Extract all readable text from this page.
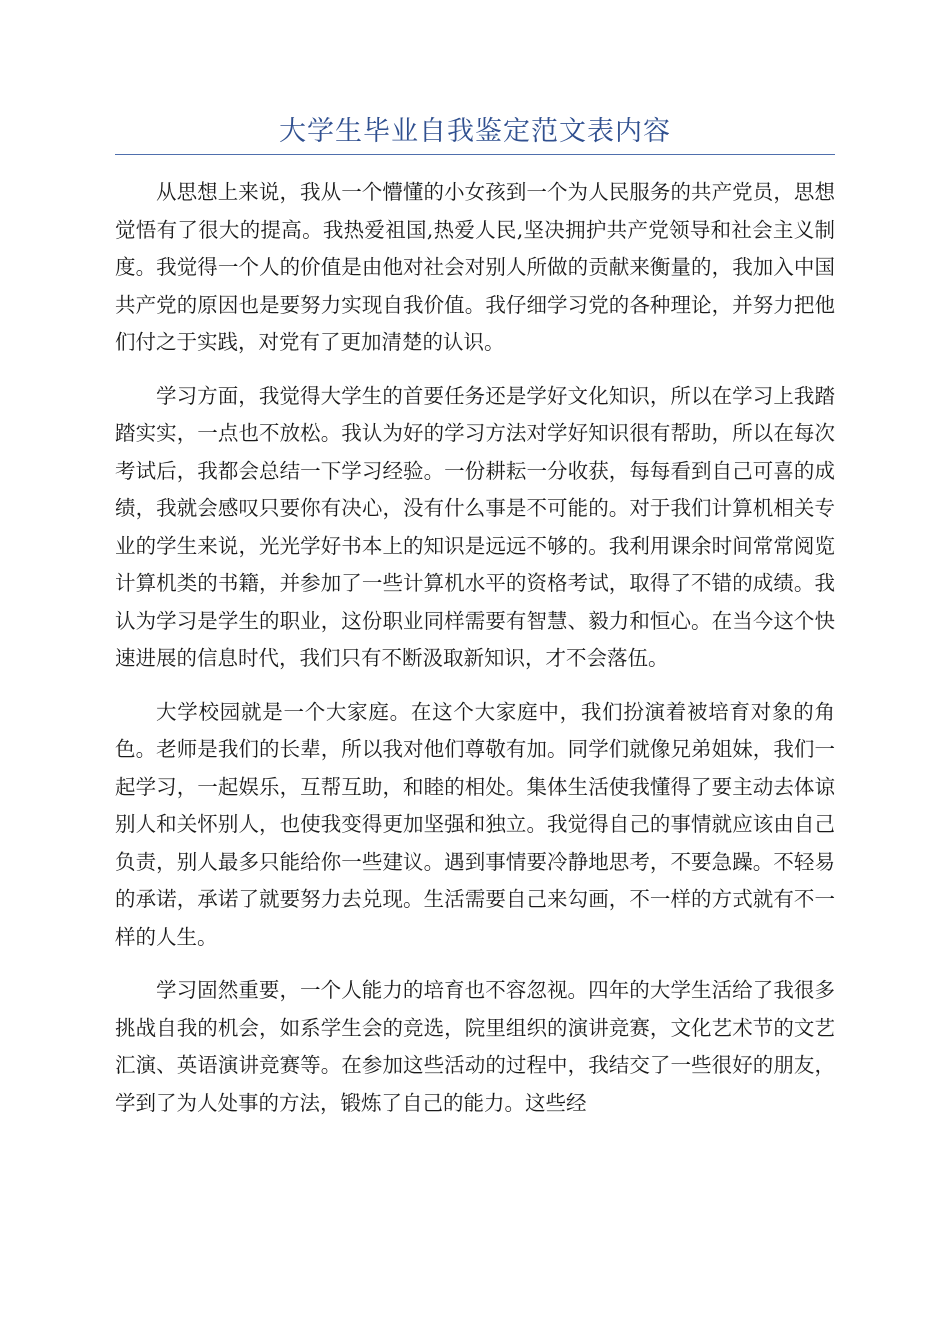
大学生毕业自我鉴定范文表内容

从思想上来说，我从一个懵懂的小女孩到一个为人民服务的共产党员，思想觉悟有了很大的提高。我热爱祖国,热爱人民,坚决拥护共产党领导和社会主义制度。我觉得一个人的价值是由他对社会对别人所做的贡献来衡量的，我加入中国共产党的原因也是要努力实现自我价值。我仔细学习党的各种理论，并努力把他们付之于实践，对党有了更加清楚的认识。

学习方面，我觉得大学生的首要任务还是学好文化知识，所以在学习上我踏踏实实，一点也不放松。我认为好的学习方法对学好知识很有帮助，所以在每次考试后，我都会总结一下学习经验。一份耕耘一分收获，每每看到自己可喜的成绩，我就会感叹只要你有决心，没有什么事是不可能的。对于我们计算机相关专业的学生来说，光光学好书本上的知识是远远不够的。我利用课余时间常常阅览计算机类的书籍，并参加了一些计算机水平的资格考试，取得了不错的成绩。我认为学习是学生的职业，这份职业同样需要有智慧、毅力和恒心。在当今这个快速进展的信息时代，我们只有不断汲取新知识，才不会落伍。

大学校园就是一个大家庭。在这个大家庭中，我们扮演着被培育对象的角色。老师是我们的长辈，所以我对他们尊敬有加。同学们就像兄弟姐妹，我们一起学习，一起娱乐，互帮互助，和睦的相处。集体生活使我懂得了要主动去体谅别人和关怀别人，也使我变得更加坚强和独立。我觉得自己的事情就应该由自己负责，别人最多只能给你一些建议。遇到事情要冷静地思考，不要急躁。不轻易的承诺，承诺了就要努力去兑现。生活需要自己来勾画，不一样的方式就有不一样的人生。

学习固然重要，一个人能力的培育也不容忽视。四年的大学生活给了我很多挑战自我的机会，如系学生会的竞选，院里组织的演讲竞赛，文化艺术节的文艺汇演、英语演讲竞赛等。在参加这些活动的过程中，我结交了一些很好的朋友，学到了为人处事的方法，锻炼了自己的能力。这些经
